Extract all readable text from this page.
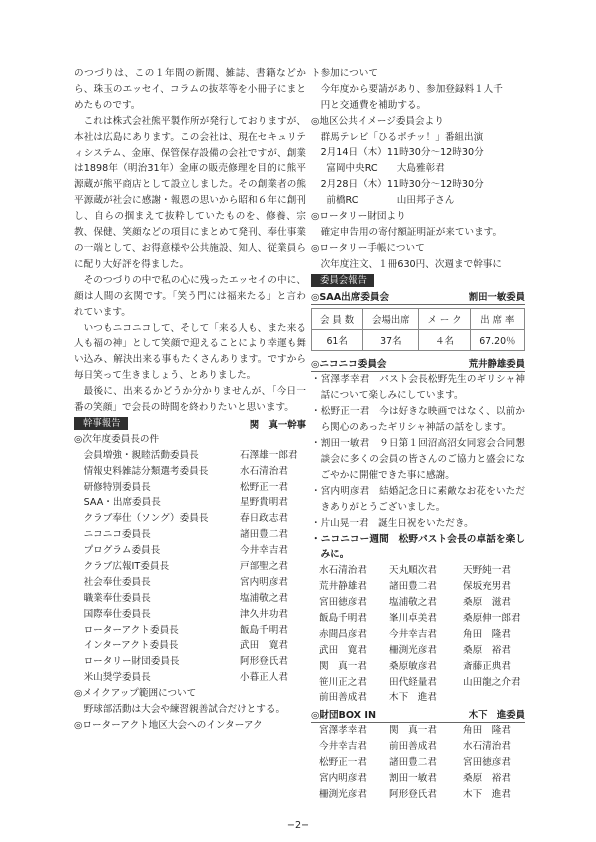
のつづりは、この１年間の新聞、雑誌、書籍などから、珠玉のエッセイ、コラムの抜萃等を小冊子にまとめたものです。

これは株式会社熊平製作所が発行しておりますが、本社は広島にあります。この会社は、現在セキュリティシステム、金庫、保管保存設備の会社ですが、創業は1898年（明治31年）金庫の販売修理を目的に熊平源蔵が熊平商店として設立しました。その創業者の熊平源蔵が社会に感謝・報恩の思いから昭和６年に創刊し、自らの掴まえて抜粋していたものを、修養、宗教、保健、笑顔などの項目にまとめて発刊、奉仕事業の一端として、お得意様や公共施設、知人、従業員らに配り大好評を得ました。

そのつづりの中で私の心に残ったエッセイの中に、顔は人間の玄関です。「笑う門には福来たる」と言われています。

いつもニコニコして、そして「来る人も、また来る人も福の神」として笑顔で迎えることにより幸運も舞い込み、解決出来る事もたくさんあります。ですから毎日笑って生きましょう、とありました。

最後に、出来るかどうか分かりませんが、「今日一番の笑顔」で会長の時間を終わりたいと思います。

幹事報告	関　真一幹事
◎次年度委員長の件
会員増強・親睦活動委員長	石澤雄一郎君
情報史料雑誌分類選考委員長	水石清治君
研修特別委員長	松野正一君
SAA・出席委員長	星野貴明君
クラブ奉仕（ソング）委員長	春日政志君
ニコニコ委員長	諸田豊二君
プログラム委員長	今井幸吉君
クラブ広報IT委員長	戸部聖之君
社会奉仕委員長	宮内明彦君
職業奉仕委員長	塩浦敬之君
国際奉仕委員長	津久井功君
ローターアクト委員長	飯島千明君
インターアクト委員長	武田　寛君
ロータリー財団委員長	阿形登氏君
米山奨学委員長	小暮正人君
◎メイクアップ範囲について

野球部活動は大会や練習親善試合だけとする。

◎ローターアクト地区大会へのインターアク
ト参加について
今年度から要請があり、参加登録料１人千
円と交通費を補助する。
◎地区公共イメージ委員会より
群馬テレビ「ひるポチッ！」番組出演
2月14日（木）11時30分～12時30分
富岡中央RC　　大島雅彰君
2月28日（木）11時30分～12時30分
前橋RC　　　　山田邦子さん
◎ロータリー財団より
確定申告用の寄付額証明証が来ています。
◎ロータリー手帳について
次年度注文、１冊630円、次週まで幹事に
委員会報告
◎SAA出席委員会	割田一敏委員
会 員 数	会場出席	メ ー ク	出 席 率
61名	37名	４名	67.20％
◎ニコニコ委員会	荒井静雄委員

・宮澤孝幸君　パスト会長松野先生のギリシャ神話について楽しみにしています。

・松野正一君　今は好きな映画ではなく、以前から関心のあったギリシャ神話の話をします。

・割田一敏君　９日第１回沼高沼女同窓会合同懇談会に多くの会員の皆さんのご協力と盛会になごやかに開催できた事に感謝。

・宮内明彦君　結婚記念日に素敵なお花をいただきありがとうございました。

・片山晃一君　誕生日祝をいただき。

・ニコニコー週間　松野パスト会長の卓話を楽しみに。

水石清治君	天丸順次君	天野純一君
荒井静雄君	諸田豊二君	保坂充男君
宮田徳彦君	塩浦敬之君	桑原　滋君
飯島千明君	峯川卓美君	桑原伸一郎君
赤間昌彦君	今井幸吉君	角田　隆君
武田　寛君	柵渕光彦君	桑原　裕君
関　真一君	桑原敏彦君	斎藤正典君
笹川正之君	田代経量君	山田龍之介君
前田善成君	木下　進君
◎財団BOX IN	木下　進委員
宮澤孝幸君	関　真一君	角田　隆君
今井幸吉君	前田善成君	水石清治君
松野正一君	諸田豊二君	宮田徳彦君
宮内明彦君	割田一敏君	桑原　裕君
柵渕光彦君	阿形登氏君	木下　進君
−2−
